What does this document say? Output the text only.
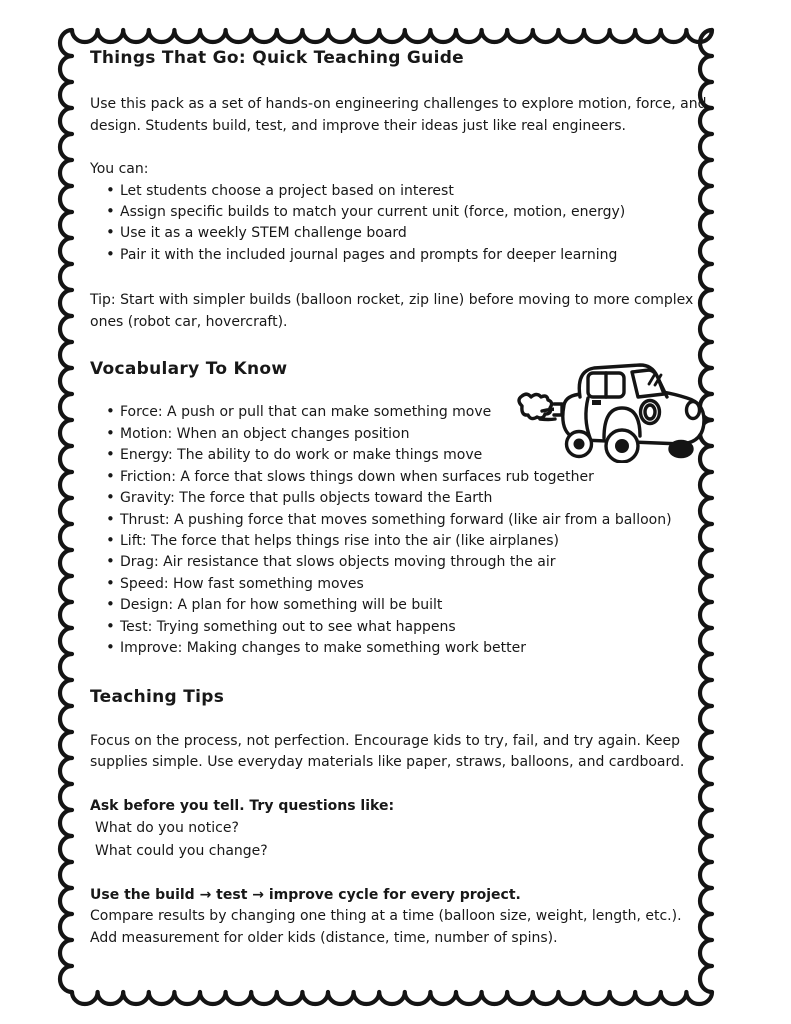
Things That Go: Quick Teaching Guide

Use this pack as a set of hands-on engineering challenges to explore motion, force, and design. Students build, test, and improve their ideas just like real engineers.

You can:

• Let students choose a project based on interest
• Assign specific builds to match your current unit (force, motion, energy)
• Use it as a weekly STEM challenge board
• Pair it with the included journal pages and prompts for deeper learning

Tip: Start with simpler builds (balloon rocket, zip line) before moving to more complex ones (robot car, hovercraft).

Vocabulary To Know
• Force: A push or pull that can make something move
• Motion: When an object changes position
• Energy: The ability to do work or make things move
• Friction: A force that slows things down when surfaces rub together
• Gravity: The force that pulls objects toward the Earth
• Thrust: A pushing force that moves something forward (like air from a balloon)
• Lift: The force that helps things rise into the air (like airplanes)
• Drag: Air resistance that slows objects moving through the air
• Speed: How fast something moves
• Design: A plan for how something will be built
• Test: Trying something out to see what happens
• Improve: Making changes to make something work better
Teaching Tips

Focus on the process, not perfection. Encourage kids to try, fail, and try again. Keep supplies simple. Use everyday materials like paper, straws, balloons, and cardboard.

Ask before you tell. Try questions like:

What do you notice?

What could you change?

Use the build → test → improve cycle for every project.

Compare results by changing one thing at a time (balloon size, weight, length, etc.).

Add measurement for older kids (distance, time, number of spins).
